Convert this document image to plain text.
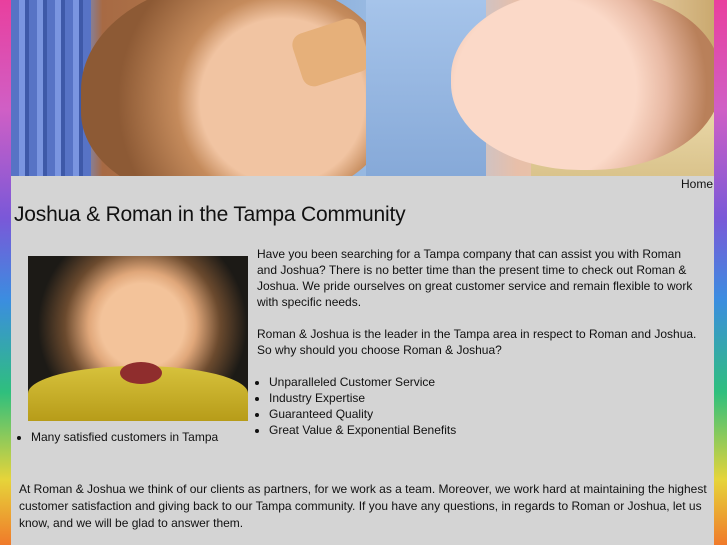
Home
Joshua & Roman in the Tampa Community

Have you been searching for a Tampa company that can assist you with Roman and Joshua? There is no better time than the present time to check out Roman & Joshua. We pride ourselves on great customer service and remain flexible to work with specific needs.

Roman & Joshua is the leader in the Tampa area in respect to Roman and Joshua. So why should you choose Roman & Joshua?

• Unparalleled Customer Service
• Industry Expertise
• Guaranteed Quality
• Great Value & Exponential Benefits
• Many satisfied customers in Tampa

At Roman & Joshua we think of our clients as partners, for we work as a team. Moreover, we work hard at maintaining the highest customer satisfaction and giving back to our Tampa community. If you have any questions, in regards to Roman or Joshua, let us know, and we will be glad to answer them.
